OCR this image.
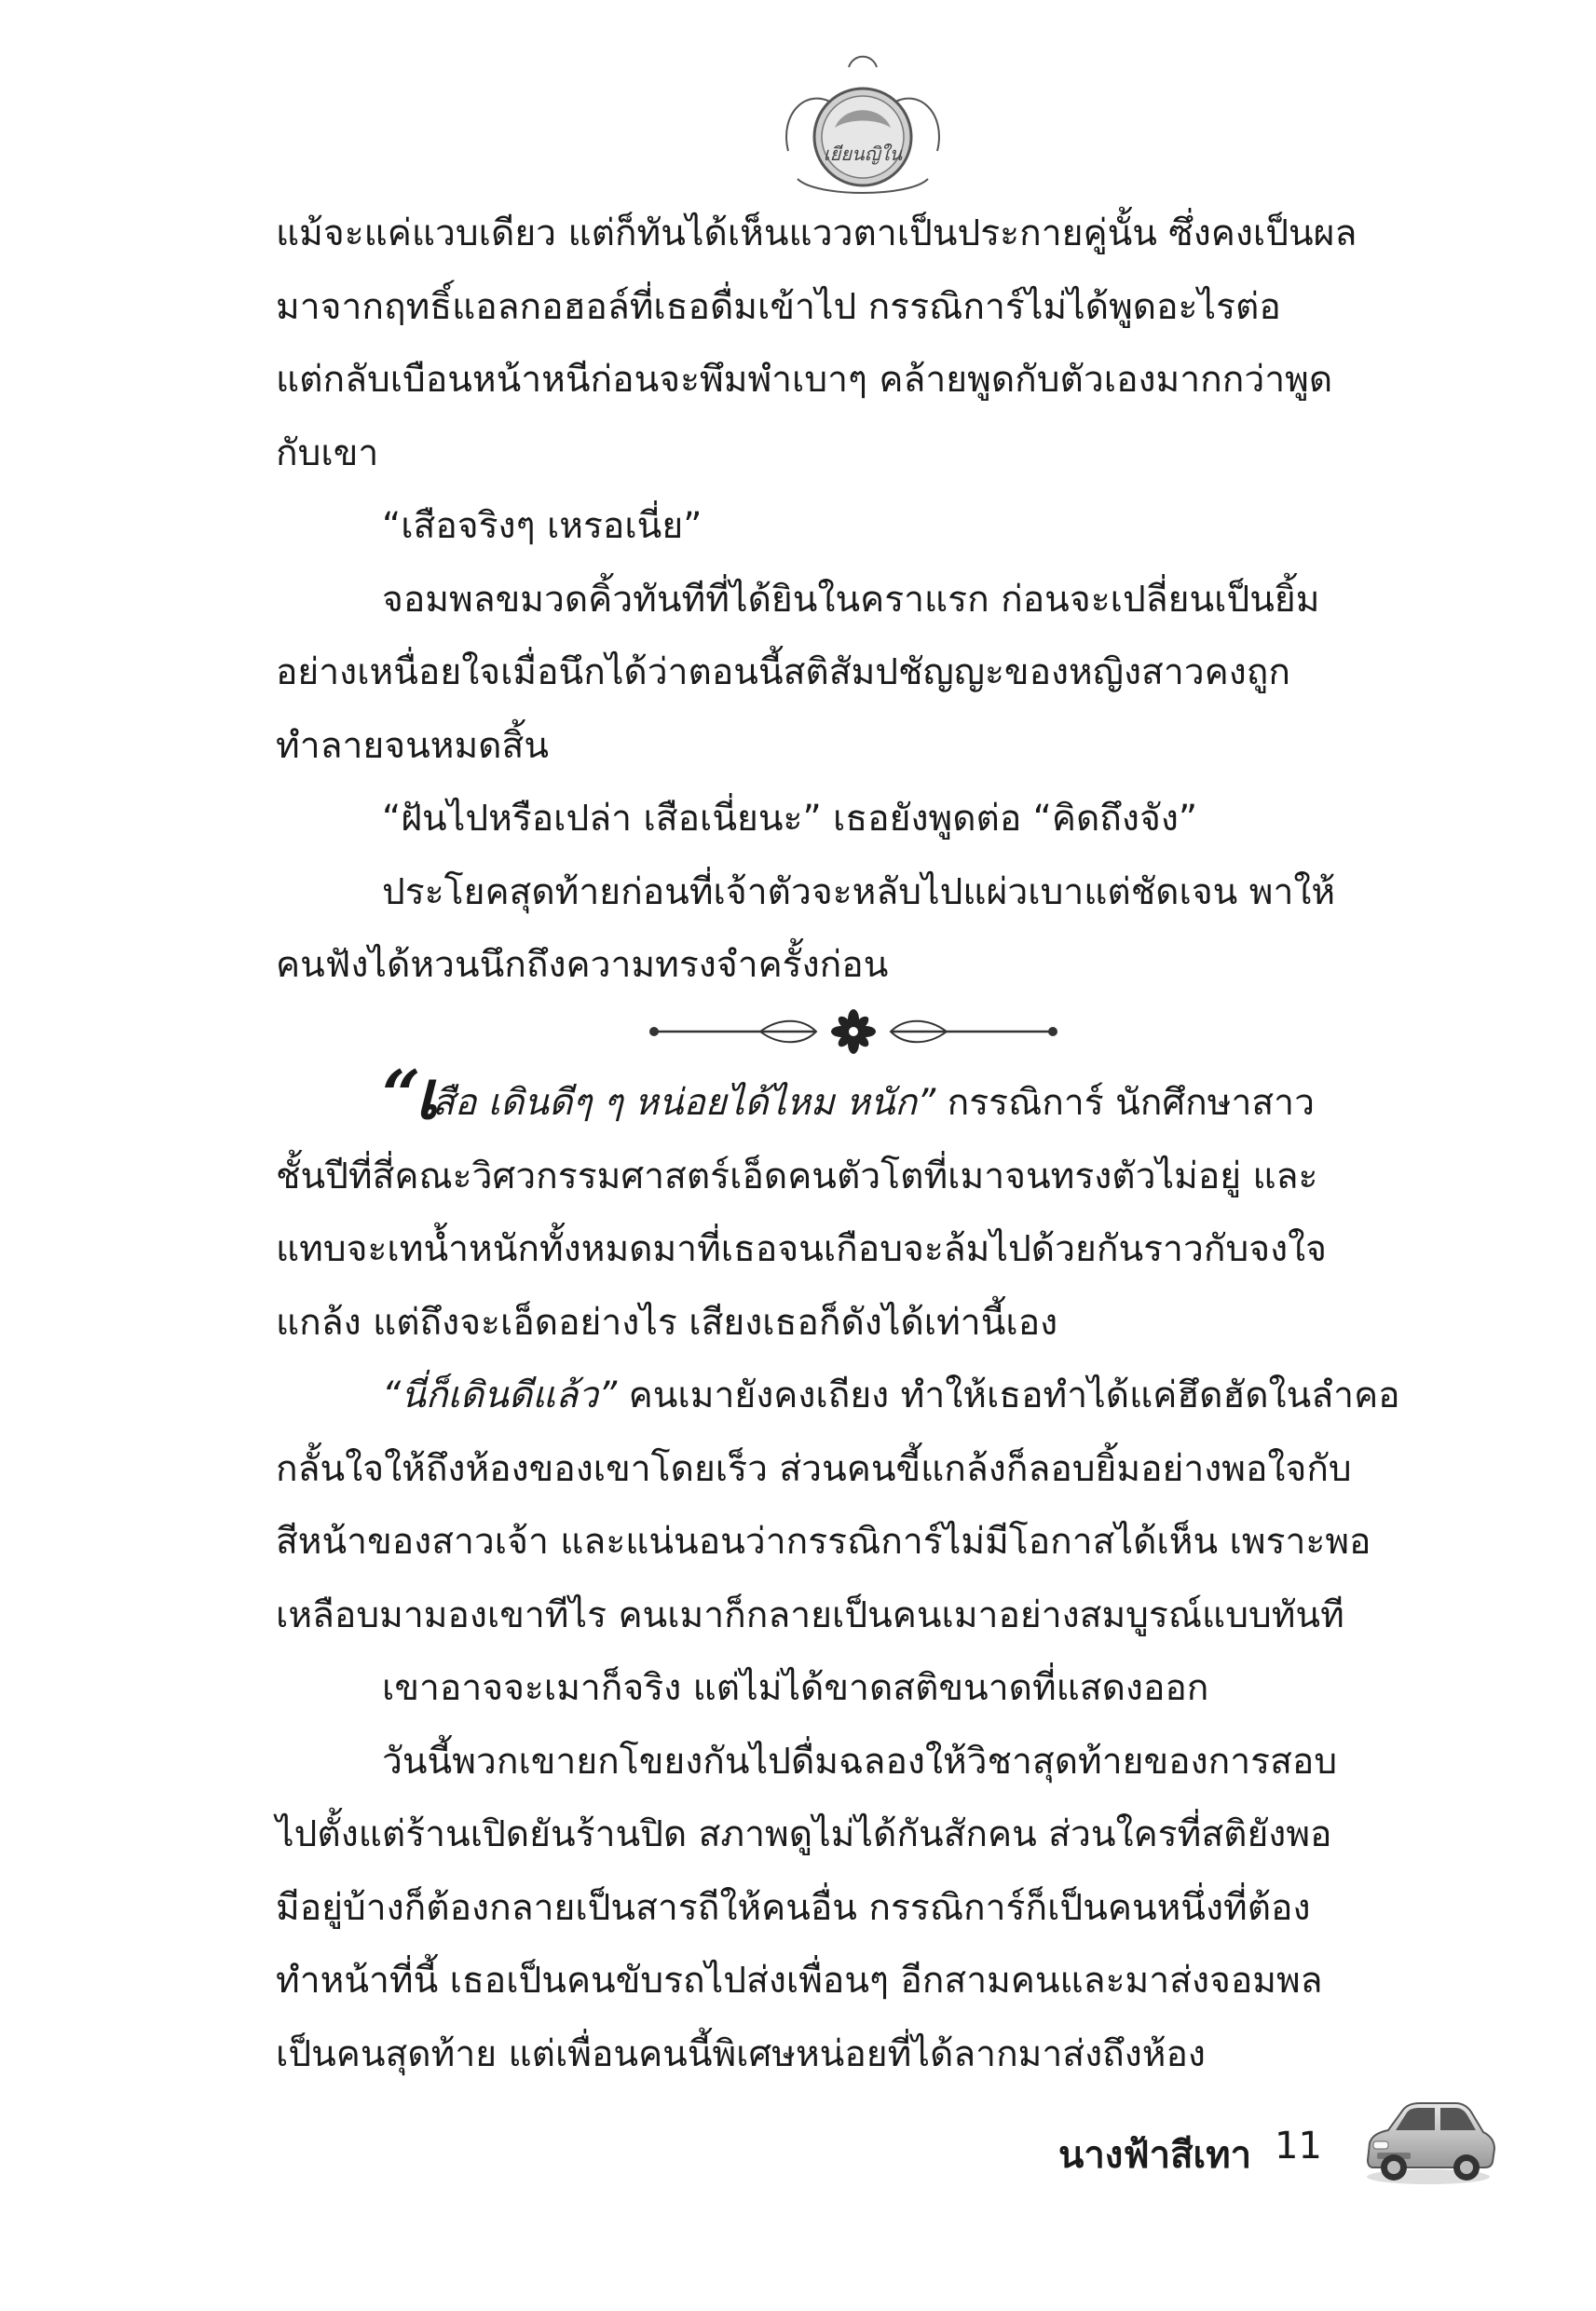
เยียนญิใน

แม้จะแค่แวบเดียว แต่ก็ทันได้เห็นแววตาเป็นประกายคู่นั้น ซึ่งคงเป็นผล

มาจากฤทธิ์แอลกอฮอล์ที่เธอดื่มเข้าไป กรรณิการ์ไม่ได้พูดอะไรต่อ

แต่กลับเบือนหน้าหนีก่อนจะพึมพำเบาๆ คล้ายพูดกับตัวเองมากกว่าพูด

กับเขา

“เสือจริงๆ เหรอเนี่ย”

จอมพลขมวดคิ้วทันทีที่ได้ยินในคราแรก ก่อนจะเปลี่ยนเป็นยิ้ม

อย่างเหนื่อยใจเมื่อนึกได้ว่าตอนนี้สติสัมปชัญญะของหญิงสาวคงถูก

ทำลายจนหมดสิ้น

“ฝันไปหรือเปล่า เสือเนี่ยนะ” เธอยังพูดต่อ “คิดถึงจัง”

ประโยคสุดท้ายก่อนที่เจ้าตัวจะหลับไปแผ่วเบาแต่ชัดเจน พาให้

คนฟังได้หวนนึกถึงความทรงจำครั้งก่อน

“เสือ เดินดีๆ ๆ หน่อยได้ไหม หนัก” กรรณิการ์ นักศึกษาสาว

ชั้นปีที่สี่คณะวิศวกรรมศาสตร์เอ็ดคนตัวโตที่เมาจนทรงตัวไม่อยู่ และ

แทบจะเทน้ำหนักทั้งหมดมาที่เธอจนเกือบจะล้มไปด้วยกันราวกับจงใจ

แกล้ง แต่ถึงจะเอ็ดอย่างไร เสียงเธอก็ดังได้เท่านี้เอง

“นี่ก็เดินดีแล้ว” คนเมายังคงเถียง ทำให้เธอทำได้แค่ฮึดฮัดในลำคอ

กลั้นใจให้ถึงห้องของเขาโดยเร็ว ส่วนคนขี้แกล้งก็ลอบยิ้มอย่างพอใจกับ

สีหน้าของสาวเจ้า และแน่นอนว่ากรรณิการ์ไม่มีโอกาสได้เห็น เพราะพอ

เหลือบมามองเขาทีไร คนเมาก็กลายเป็นคนเมาอย่างสมบูรณ์แบบทันที

เขาอาจจะเมาก็จริง แต่ไม่ได้ขาดสติขนาดที่แสดงออก

วันนี้พวกเขายกโขยงกันไปดื่มฉลองให้วิชาสุดท้ายของการสอบ

ไปตั้งแต่ร้านเปิดยันร้านปิด สภาพดูไม่ได้กันสักคน ส่วนใครที่สติยังพอ

มีอยู่บ้างก็ต้องกลายเป็นสารถีให้คนอื่น กรรณิการ์ก็เป็นคนหนึ่งที่ต้อง

ทำหน้าที่นี้ เธอเป็นคนขับรถไปส่งเพื่อนๆ อีกสามคนและมาส่งจอมพล

เป็นคนสุดท้าย แต่เพื่อนคนนี้พิเศษหน่อยที่ได้ลากมาส่งถึงห้อง

นางฟ้าสีเทา 11
